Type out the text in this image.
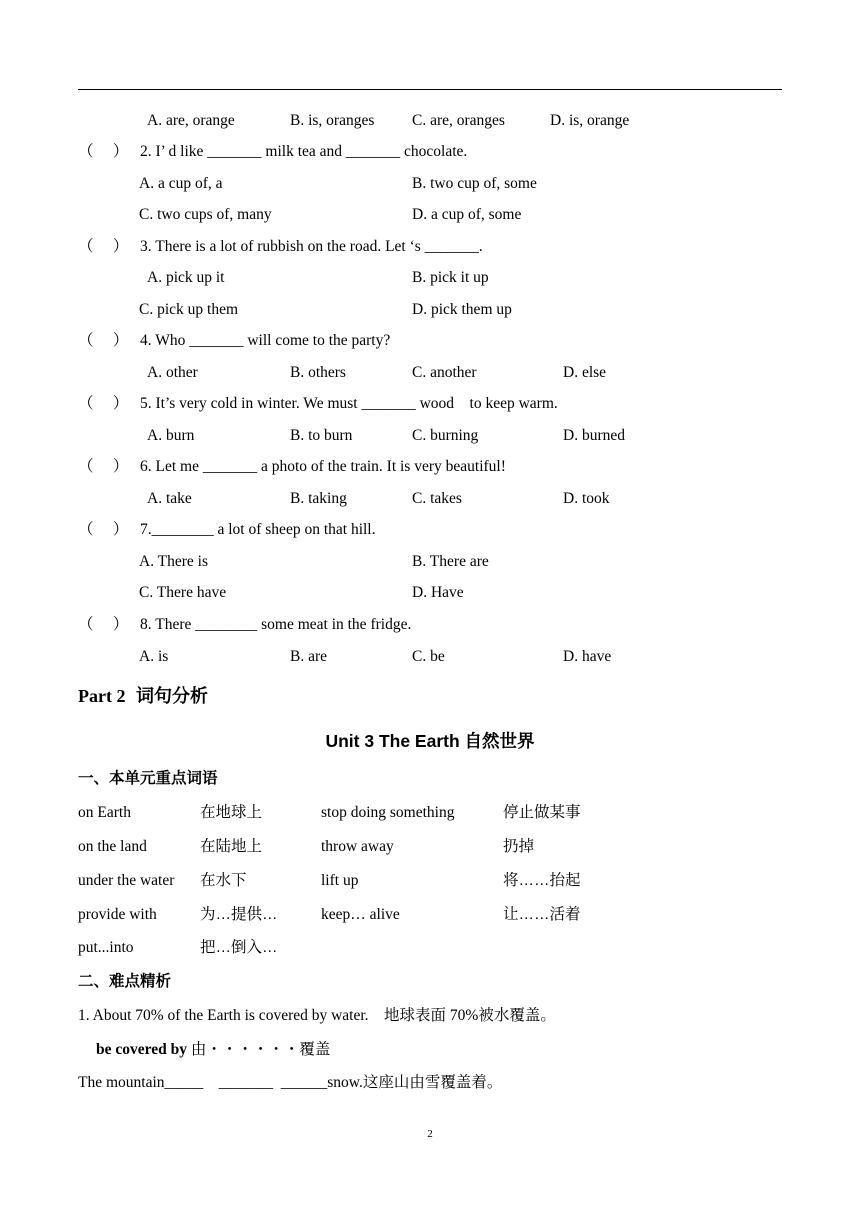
A. are, orange	B. is, oranges C. are, oranges	D. is, orange
（     ） 2. I’ d like _______ milk tea and _______ chocolate.
A. a cup of, a	B. two cup of, some
C. two cups of, many	D. a cup of, some
（     ） 3. There is a lot of rubbish on the road. Let ‘s _______.
A. pick up it	B. pick it up
C. pick up them	D. pick them up
（     ） 4. Who _______ will come to the party?
A. other	B. others	C. another	D. else
（     ） 5. It’s very cold in winter. We must _______ wood    to keep warm.
A. burn	B. to burn	C. burning	D. burned
（     ） 6. Let me _______ a photo of the train. It is very beautiful!
A. take	B. taking	C. takes	D. took
（     ） 7.________ a lot of sheep on that hill.
A. There is	B. There are
C. There have	D. Have
（     ） 8. There ________ some meat in the fridge.
A. is	B. are	C. be	D. have
Part 2 词句分析
Unit 3 The Earth 自然世界
一、本单元重点词语
on Earth	在地球上	stop doing something	停止做某事
on the land	在陆地上	throw away	扔掉
under the water 在水下	lift up	将……抬起
provide with	为…提供…	keep… alive	让……活着
put...into	把…倒入…
二、难点精析
1. About 70% of the Earth is covered by water.    地球表面 70%被水覆盖。
be covered by 由・・・・・・覆盖
The mountain_____    _______  ______snow.这座山由雪覆盖着。
2
